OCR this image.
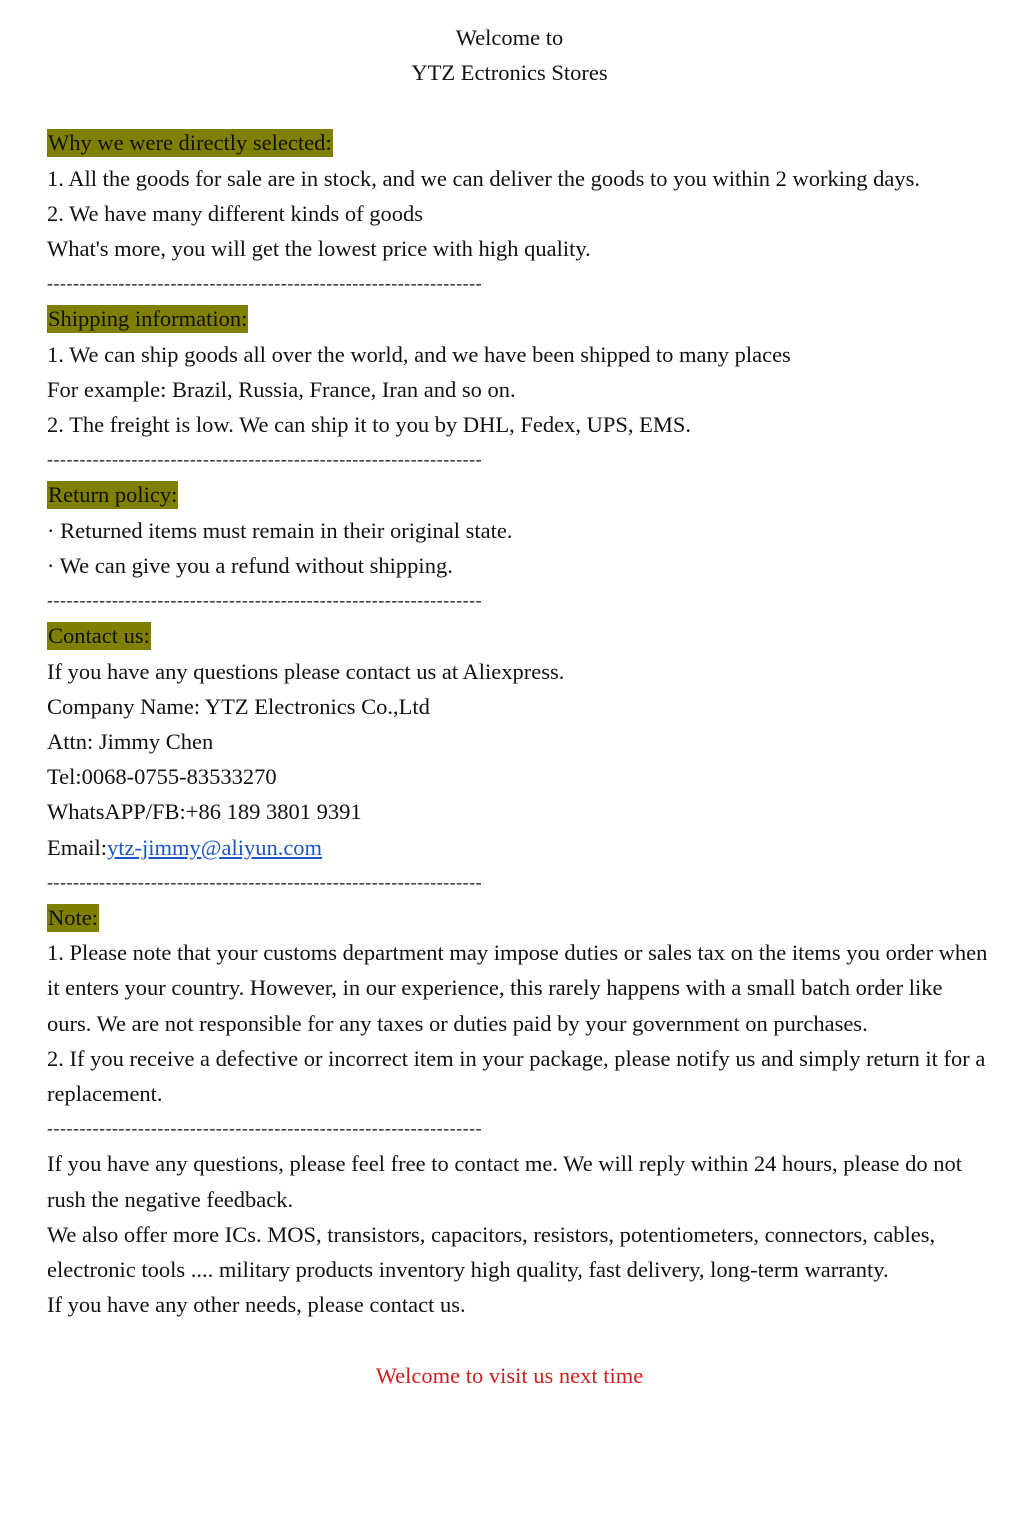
Welcome to
YTZ Ectronics Stores
Why we were directly selected:
1. All the goods for sale are in stock, and we can deliver the goods to you within 2 working days.
2. We have many different kinds of goods
What's more, you will get the lowest price with high quality.
-------------------------------------------------------------------
Shipping information:
1. We can ship goods all over the world, and we have been shipped to many places
For example: Brazil, Russia, France, Iran and so on.
2. The freight is low. We can ship it to you by DHL, Fedex, UPS, EMS.
-------------------------------------------------------------------
Return policy:
· Returned items must remain in their original state.
· We can give you a refund without shipping.
-------------------------------------------------------------------
Contact us:
If you have any questions please contact us at Aliexpress.
Company Name: YTZ Electronics Co.,Ltd
Attn: Jimmy Chen
Tel:0068-0755-83533270
WhatsAPP/FB:+86 189 3801 9391
Email:ytz-jimmy@aliyun.com
-------------------------------------------------------------------
Note:
1. Please note that your customs department may impose duties or sales tax on the items you order when it enters your country. However, in our experience, this rarely happens with a small batch order like ours. We are not responsible for any taxes or duties paid by your government on purchases.
2. If you receive a defective or incorrect item in your package, please notify us and simply return it for a replacement.
-------------------------------------------------------------------
If you have any questions, please feel free to contact me. We will reply within 24 hours, please do not rush the negative feedback.
We also offer more ICs. MOS, transistors, capacitors, resistors, potentiometers, connectors, cables, electronic tools .... military products inventory high quality, fast delivery, long-term warranty.
If you have any other needs, please contact us.
Welcome to visit us next time
